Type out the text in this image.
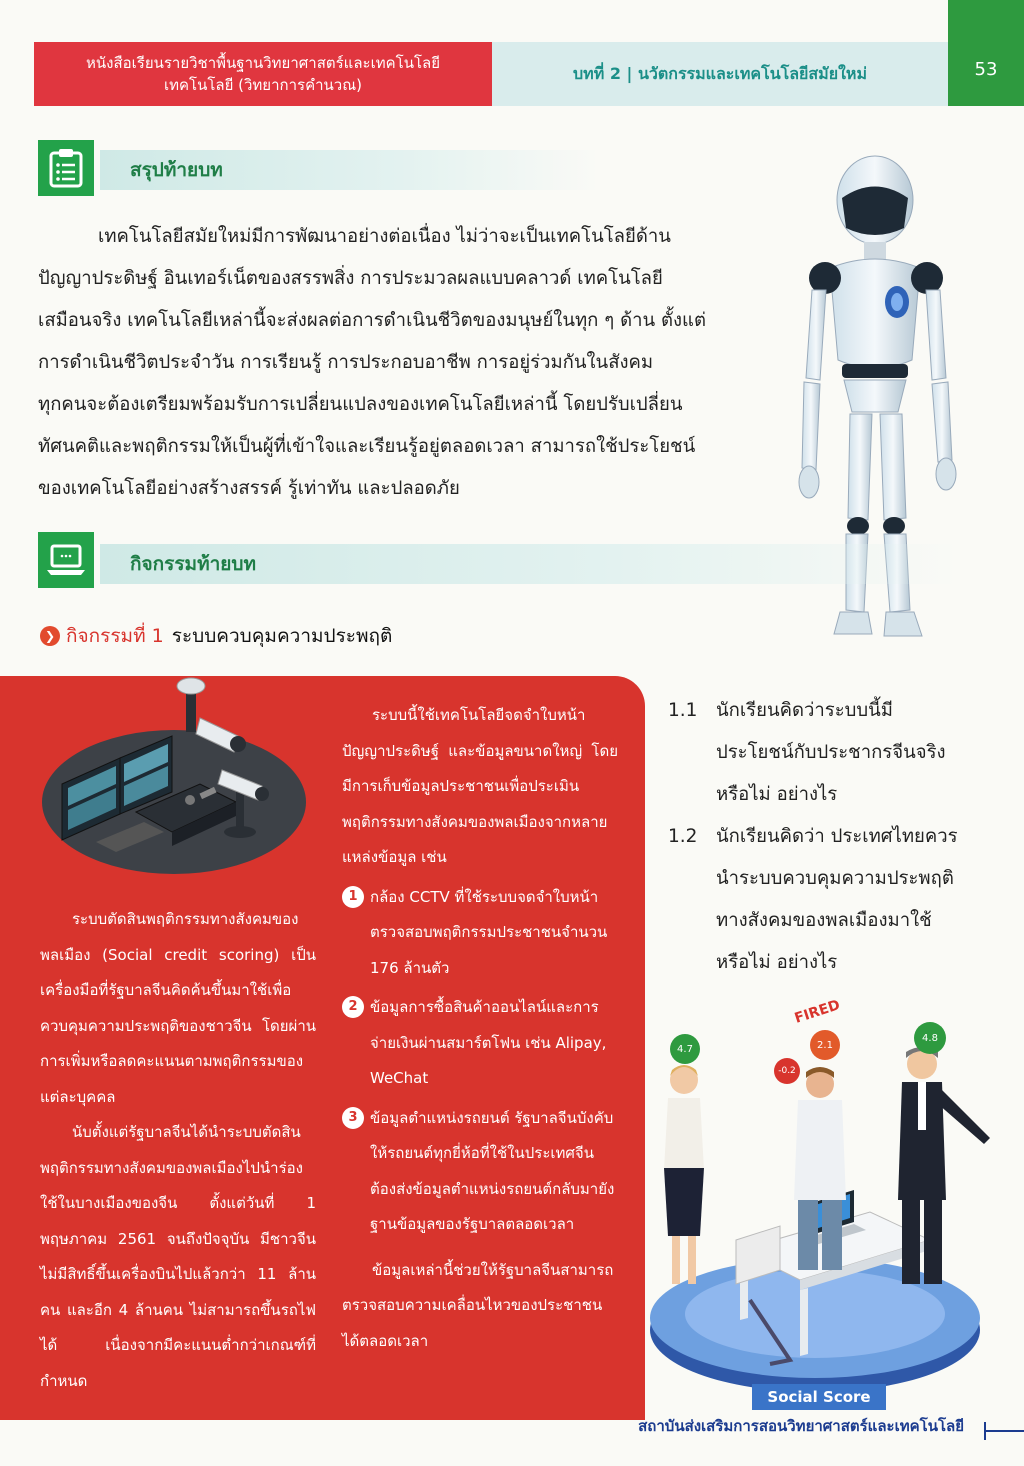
หนังสือเรียนรายวิชาพื้นฐานวิทยาศาสตร์และเทคโนโลยี
เทคโนโลยี (วิทยาการคำนวณ)
บทที่ 2 | นวัตกรรมและเทคโนโลยีสมัยใหม่	53
สรุปท้ายบท
เทคโนโลยีสมัยใหม่มีการพัฒนาอย่างต่อเนื่อง ไม่ว่าจะเป็นเทคโนโลยีด้าน
ปัญญาประดิษฐ์ อินเทอร์เน็ตของสรรพสิ่ง การประมวลผลแบบคลาวด์ เทคโนโลยี
เสมือนจริง เทคโนโลยีเหล่านี้จะส่งผลต่อการดำเนินชีวิตของมนุษย์ในทุก ๆ ด้าน ตั้งแต่
การดำเนินชีวิตประจำวัน การเรียนรู้ การประกอบอาชีพ การอยู่ร่วมกันในสังคม
ทุกคนจะต้องเตรียมพร้อมรับการเปลี่ยนแปลงของเทคโนโลยีเหล่านี้ โดยปรับเปลี่ยน
ทัศนคติและพฤติกรรมให้เป็นผู้ที่เข้าใจและเรียนรู้อยู่ตลอดเวลา สามารถใช้ประโยชน์
ของเทคโนโลยีอย่างสร้างสรรค์ รู้เท่าทัน และปลอดภัย
กิจกรรมท้ายบท
❯ กิจกรรมที่ 1 ระบบควบคุมความประพฤติ
ระบบตัดสินพฤติกรรมทางสังคมของพลเมือง (Social credit scoring) เป็นเครื่องมือที่รัฐบาลจีนคิดค้นขึ้นมาใช้เพื่อควบคุมความประพฤติของชาวจีน โดยผ่านการเพิ่มหรือลดคะแนนตามพฤติกรรมของแต่ละบุคคล
นับตั้งแต่รัฐบาลจีนได้นำระบบตัดสินพฤติกรรมทางสังคมของพลเมืองไปนำร่องใช้ในบางเมืองของจีน ตั้งแต่วันที่ 1 พฤษภาคม 2561 จนถึงปัจจุบัน มีชาวจีนไม่มีสิทธิ์ขึ้นเครื่องบินไปแล้วกว่า 11 ล้านคน และอีก 4 ล้านคน ไม่สามารถขึ้นรถไฟได้ เนื่องจากมีคะแนนต่ำกว่าเกณฑ์ที่กำหนด
ระบบนี้ใช้เทคโนโลยีจดจำใบหน้า ปัญญาประดิษฐ์ และข้อมูลขนาดใหญ่ โดยมีการเก็บข้อมูลประชาชนเพื่อประเมินพฤติกรรมทางสังคมของพลเมืองจากหลายแหล่งข้อมูล เช่น
1 กล้อง CCTV ที่ใช้ระบบจดจำใบหน้าตรวจสอบพฤติกรรมประชาชนจำนวน 176 ล้านตัว
2 ข้อมูลการซื้อสินค้าออนไลน์และการจ่ายเงินผ่านสมาร์ตโฟน เช่น Alipay, WeChat
3 ข้อมูลตำแหน่งรถยนต์ รัฐบาลจีนบังคับให้รถยนต์ทุกยี่ห้อที่ใช้ในประเทศจีนต้องส่งข้อมูลตำแหน่งรถยนต์กลับมายังฐานข้อมูลของรัฐบาลตลอดเวลา
ข้อมูลเหล่านี้ช่วยให้รัฐบาลจีนสามารถตรวจสอบความเคลื่อนไหวของประชาชนได้ตลอดเวลา
1.1	นักเรียนคิดว่าระบบนี้มีประโยชน์กับประชากรจีนจริงหรือไม่ อย่างไร
1.2	นักเรียนคิดว่า ประเทศไทยควรนำระบบควบคุมความประพฤติทางสังคมของพลเมืองมาใช้หรือไม่ อย่างไร
4.7	2.1
4.8
-0.2
FIRED
Social Score
สถาบันส่งเสริมการสอนวิทยาศาสตร์และเทคโนโลยี
